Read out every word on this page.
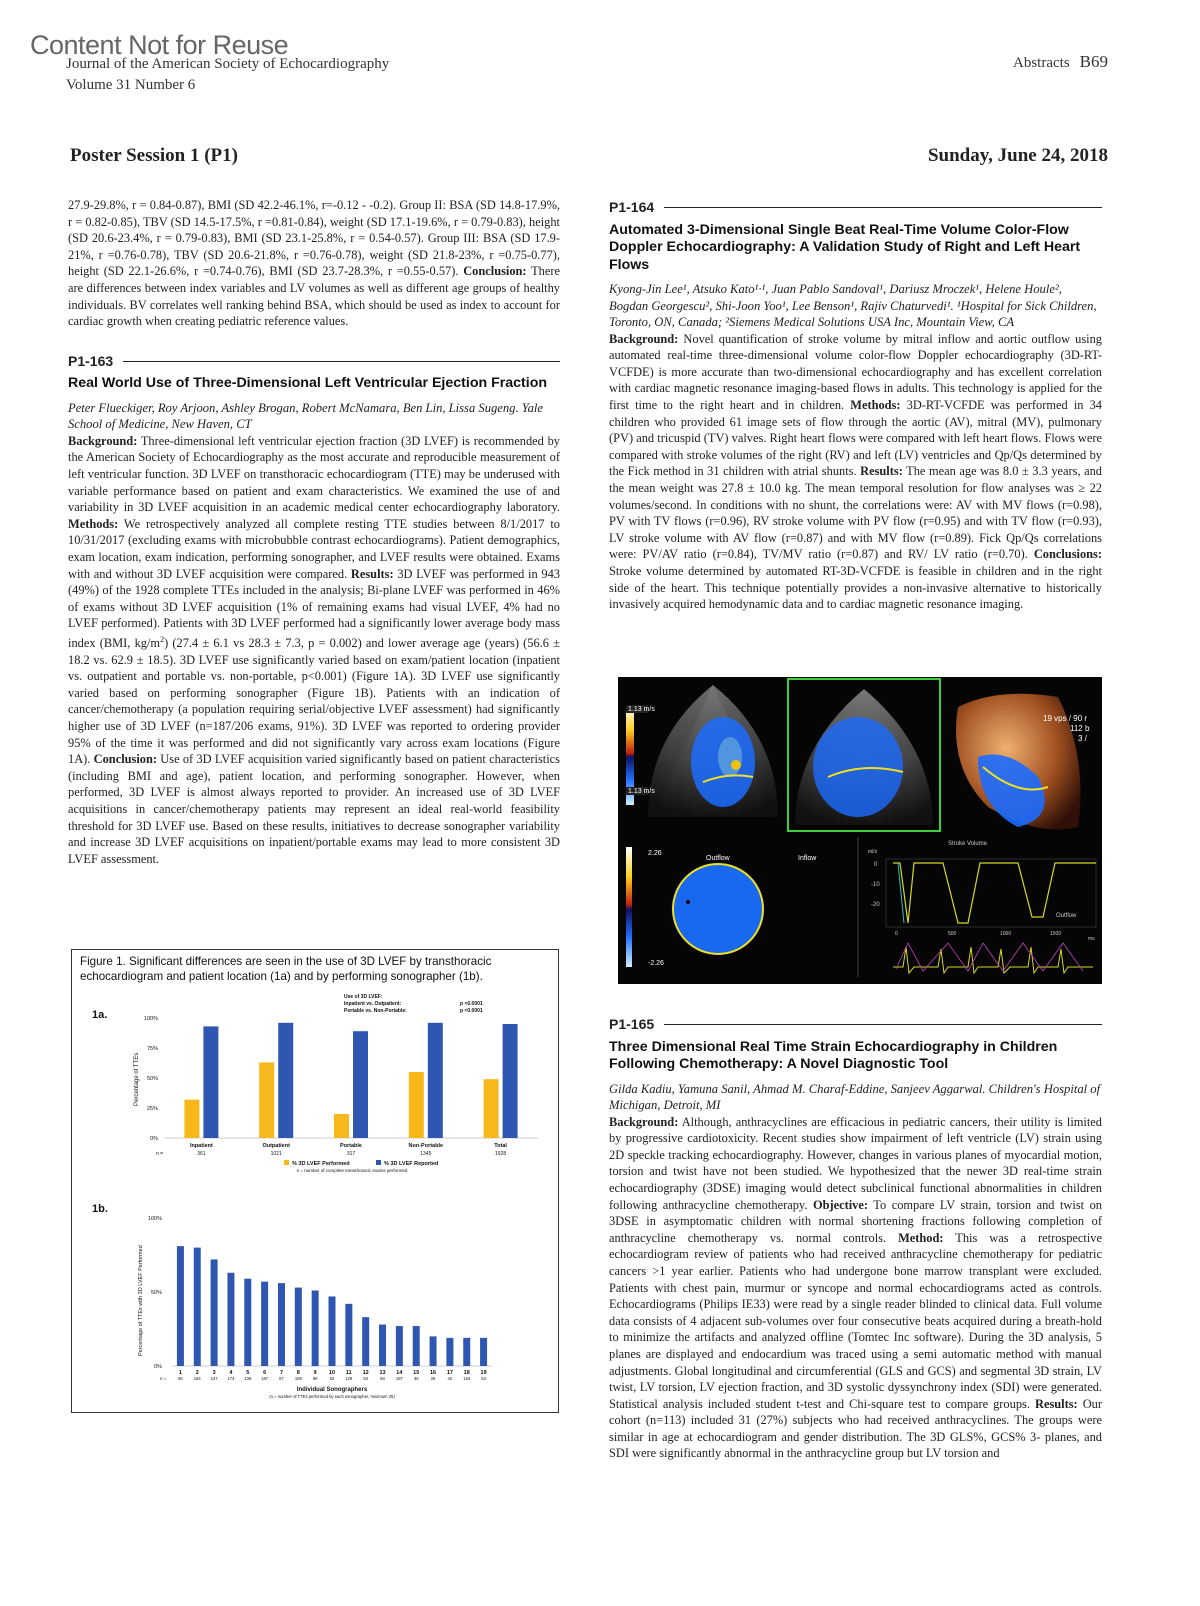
Content Not for Reuse
Journal of the American Society of Echocardiography
Volume 31 Number 6
Abstracts B69
Poster Session 1 (P1)	Sunday, June 24, 2018

27.9-29.8%, r = 0.84-0.87), BMI (SD 42.2-46.1%, r=-0.12 - -0.2). Group II: BSA (SD 14.8-17.9%, r = 0.82-0.85), TBV (SD 14.5-17.5%, r =0.81-0.84), weight (SD 17.1-19.6%, r = 0.79-0.83), height (SD 20.6-23.4%, r = 0.79-0.83), BMI (SD 23.1-25.8%, r = 0.54-0.57). Group III: BSA (SD 17.9-21%, r =0.76-0.78), TBV (SD 20.6-21.8%, r =0.76-0.78), weight (SD 21.8-23%, r =0.75-0.77), height (SD 22.1-26.6%, r =0.74-0.76), BMI (SD 23.7-28.3%, r =0.55-0.57). Conclusion: There are differences between index variables and LV volumes as well as different age groups of healthy individuals. BV correlates well ranking behind BSA, which should be used as index to account for cardiac growth when creating pediatric reference values.

P1-163
Real World Use of Three-Dimensional Left Ventricular Ejection Fraction
Peter Flueckiger, Roy Arjoon, Ashley Brogan, Robert McNamara, Ben Lin, Lissa Sugeng. Yale School of Medicine, New Haven, CT

Background: Three-dimensional left ventricular ejection fraction (3D LVEF) is recommended by the American Society of Echocardiography as the most accurate and reproducible measurement of left ventricular function. 3D LVEF on transthoracic echocardiogram (TTE) may be underused with variable performance based on patient and exam characteristics. We examined the use of and variability in 3D LVEF acquisition in an academic medical center echocardiography laboratory. Methods: We retrospectively analyzed all complete resting TTE studies between 8/1/2017 to 10/31/2017 (excluding exams with microbubble contrast echocardiograms). Patient demographics, exam location, exam indication, performing sonographer, and LVEF results were obtained. Exams with and without 3D LVEF acquisition were compared. Results: 3D LVEF was performed in 943 (49%) of the 1928 complete TTEs included in the analysis; Bi-plane LVEF was performed in 46% of exams without 3D LVEF acquisition (1% of remaining exams had visual LVEF, 4% had no LVEF performed). Patients with 3D LVEF performed had a significantly lower average body mass index (BMI, $kg/m^2$) (27.4 ± 6.1 vs 28.3 ± 7.3, p = 0.002) and lower average age (years) (56.6 ± 18.2 vs. 62.9 ± 18.5). 3D LVEF use significantly varied based on exam/patient location (inpatient vs. outpatient and portable vs. non-portable, p<0.001) (Figure 1A). 3D LVEF use significantly varied based on performing sonographer (Figure 1B). Patients with an indication of cancer/chemotherapy (a population requiring serial/objective LVEF assessment) had significantly higher use of 3D LVEF (n=187/206 exams, 91%). 3D LVEF was reported to ordering provider 95% of the time it was performed and did not significantly vary across exam locations (Figure 1A). Conclusion: Use of 3D LVEF acquisition varied significantly based on patient characteristics (including BMI and age), patient location, and performing sonographer. However, when performed, 3D LVEF is almost always reported to provider. An increased use of 3D LVEF acquisitions in cancer/chemotherapy patients may represent an ideal real-world feasibility threshold for 3D LVEF use. Based on these results, initiatives to decrease sonographer variability and increase 3D LVEF acquisitions on inpatient/portable exams may lead to more consistent 3D LVEF assessment.

Figure 1. Significant differences are seen in the use of 3D LVEF by transthoracic echocardiogram and patient location (1a) and by performing sonographer (1b).
1a.
Percentage of TTEs
0%
25%
50%
75%
100%
Inpatient
361
Outpatient
1021
Portable
317
Non-Portable
1345
Total
1928
n =
Use of 3D LVEF:
Inpatient vs. Outpatient:
Portable vs. Non-Portable:
p <0.0001
p <0.0001
% 3D LVEF Performed	% 3D LVEF Reported
n = number of complete transthoracic exams performed
1b.
Percentage of TTEs with 3D LVEF Performed
0%
50%
100%
1
50
2
164
3
147
4
174
5
139
6
187
7
87
8
108
9
96
10
82
11
129
12
54
13
64
14
187
15
35
16
25
17
42
18
164
19
53
n =
Individual Sonographers
(n = number of TTEs performed by each sonographer, minimum 25)
P1-164
Automated 3-Dimensional Single Beat Real-Time Volume Color-Flow Doppler Echocardiography: A Validation Study of Right and Left Heart Flows
Kyong-Jin Lee¹, Atsuko Kato¹·¹, Juan Pablo Sandoval¹, Dariusz Mroczek¹, Helene Houle², Bogdan Georgescu², Shi-Joon Yoo¹, Lee Benson¹, Rajiv Chaturvedi¹. ¹Hospital for Sick Children, Toronto, ON, Canada; ²Siemens Medical Solutions USA Inc, Mountain View, CA

Background: Novel quantification of stroke volume by mitral inflow and aortic outflow using automated real-time three-dimensional volume color-flow Doppler echocardiography (3D-RT-VCFDE) is more accurate than two-dimensional echocardiography and has excellent correlation with cardiac magnetic resonance imaging-based flows in adults. This technology is applied for the first time to the right heart and in children. Methods: 3D-RT-VCFDE was performed in 34 children who provided 61 image sets of flow through the aortic (AV), mitral (MV), pulmonary (PV) and tricuspid (TV) valves. Right heart flows were compared with left heart flows. Flows were compared with stroke volumes of the right (RV) and left (LV) ventricles and Qp/Qs determined by the Fick method in 31 children with atrial shunts. Results: The mean age was 8.0 ± 3.3 years, and the mean weight was 27.8 ± 10.0 kg. The mean temporal resolution for flow analyses was ≥ 22 volumes/second. In conditions with no shunt, the correlations were: AV with MV flows (r=0.98), PV with TV flows (r=0.96), RV stroke volume with PV flow (r=0.95) and with TV flow (r=0.93), LV stroke volume with AV flow (r=0.87) and with MV flow (r=0.89). Fick Qp/Qs correlations were: PV/AV ratio (r=0.84), TV/MV ratio (r=0.87) and RV/ LV ratio (r=0.70). Conclusions: Stroke volume determined by automated RT-3D-VCFDE is feasible in children and in the right side of the heart. This technique potentially provides a non-invasive alternative to historically invasively acquired hemodynamic data and to cardiac magnetic resonance imaging.

1.13 m/s
1.13 m/s
19 vps / 90 r
112 b
3 /
2.26
-2.26
Outflow	Inflow
Stroke Volume
ml/s
0
-10
-20
Outflow
0	500	1000	1500
ms
P1-165
Three Dimensional Real Time Strain Echocardiography in Children Following Chemotherapy: A Novel Diagnostic Tool
Gilda Kadiu, Yamuna Sanil, Ahmad M. Charaf-Eddine, Sanjeev Aggarwal. Children's Hospital of Michigan, Detroit, MI

Background: Although, anthracyclines are efficacious in pediatric cancers, their utility is limited by progressive cardiotoxicity. Recent studies show impairment of left ventricle (LV) strain using 2D speckle tracking echocardiography. However, changes in various planes of myocardial motion, torsion and twist have not been studied. We hypothesized that the newer 3D real-time strain echocardiography (3DSE) imaging would detect subclinical functional abnormalities in children following anthracycline chemotherapy. Objective: To compare LV strain, torsion and twist on 3DSE in asymptomatic children with normal shortening fractions following completion of anthracycline chemotherapy vs. normal controls. Method: This was a retrospective echocardiogram review of patients who had received anthracycline chemotherapy for pediatric cancers >1 year earlier. Patients who had undergone bone marrow transplant were excluded. Patients with chest pain, murmur or syncope and normal echocardiograms acted as controls. Echocardiograms (Philips IE33) were read by a single reader blinded to clinical data. Full volume data consists of 4 adjacent sub-volumes over four consecutive beats acquired during a breath-hold to minimize the artifacts and analyzed offline (Tomtec Inc software). During the 3D analysis, 5 planes are displayed and endocardium was traced using a semi automatic method with manual adjustments. Global longitudinal and circumferential (GLS and GCS) and segmental 3D strain, LV twist, LV torsion, LV ejection fraction, and 3D systolic dyssynchrony index (SDI) were generated. Statistical analysis included student t-test and Chi-square test to compare groups. Results: Our cohort (n=113) included 31 (27%) subjects who had received anthracyclines. The groups were similar in age at echocardiogram and gender distribution. The 3D GLS%, GCS% 3- planes, and SDI were significantly abnormal in the anthracycline group but LV torsion and
